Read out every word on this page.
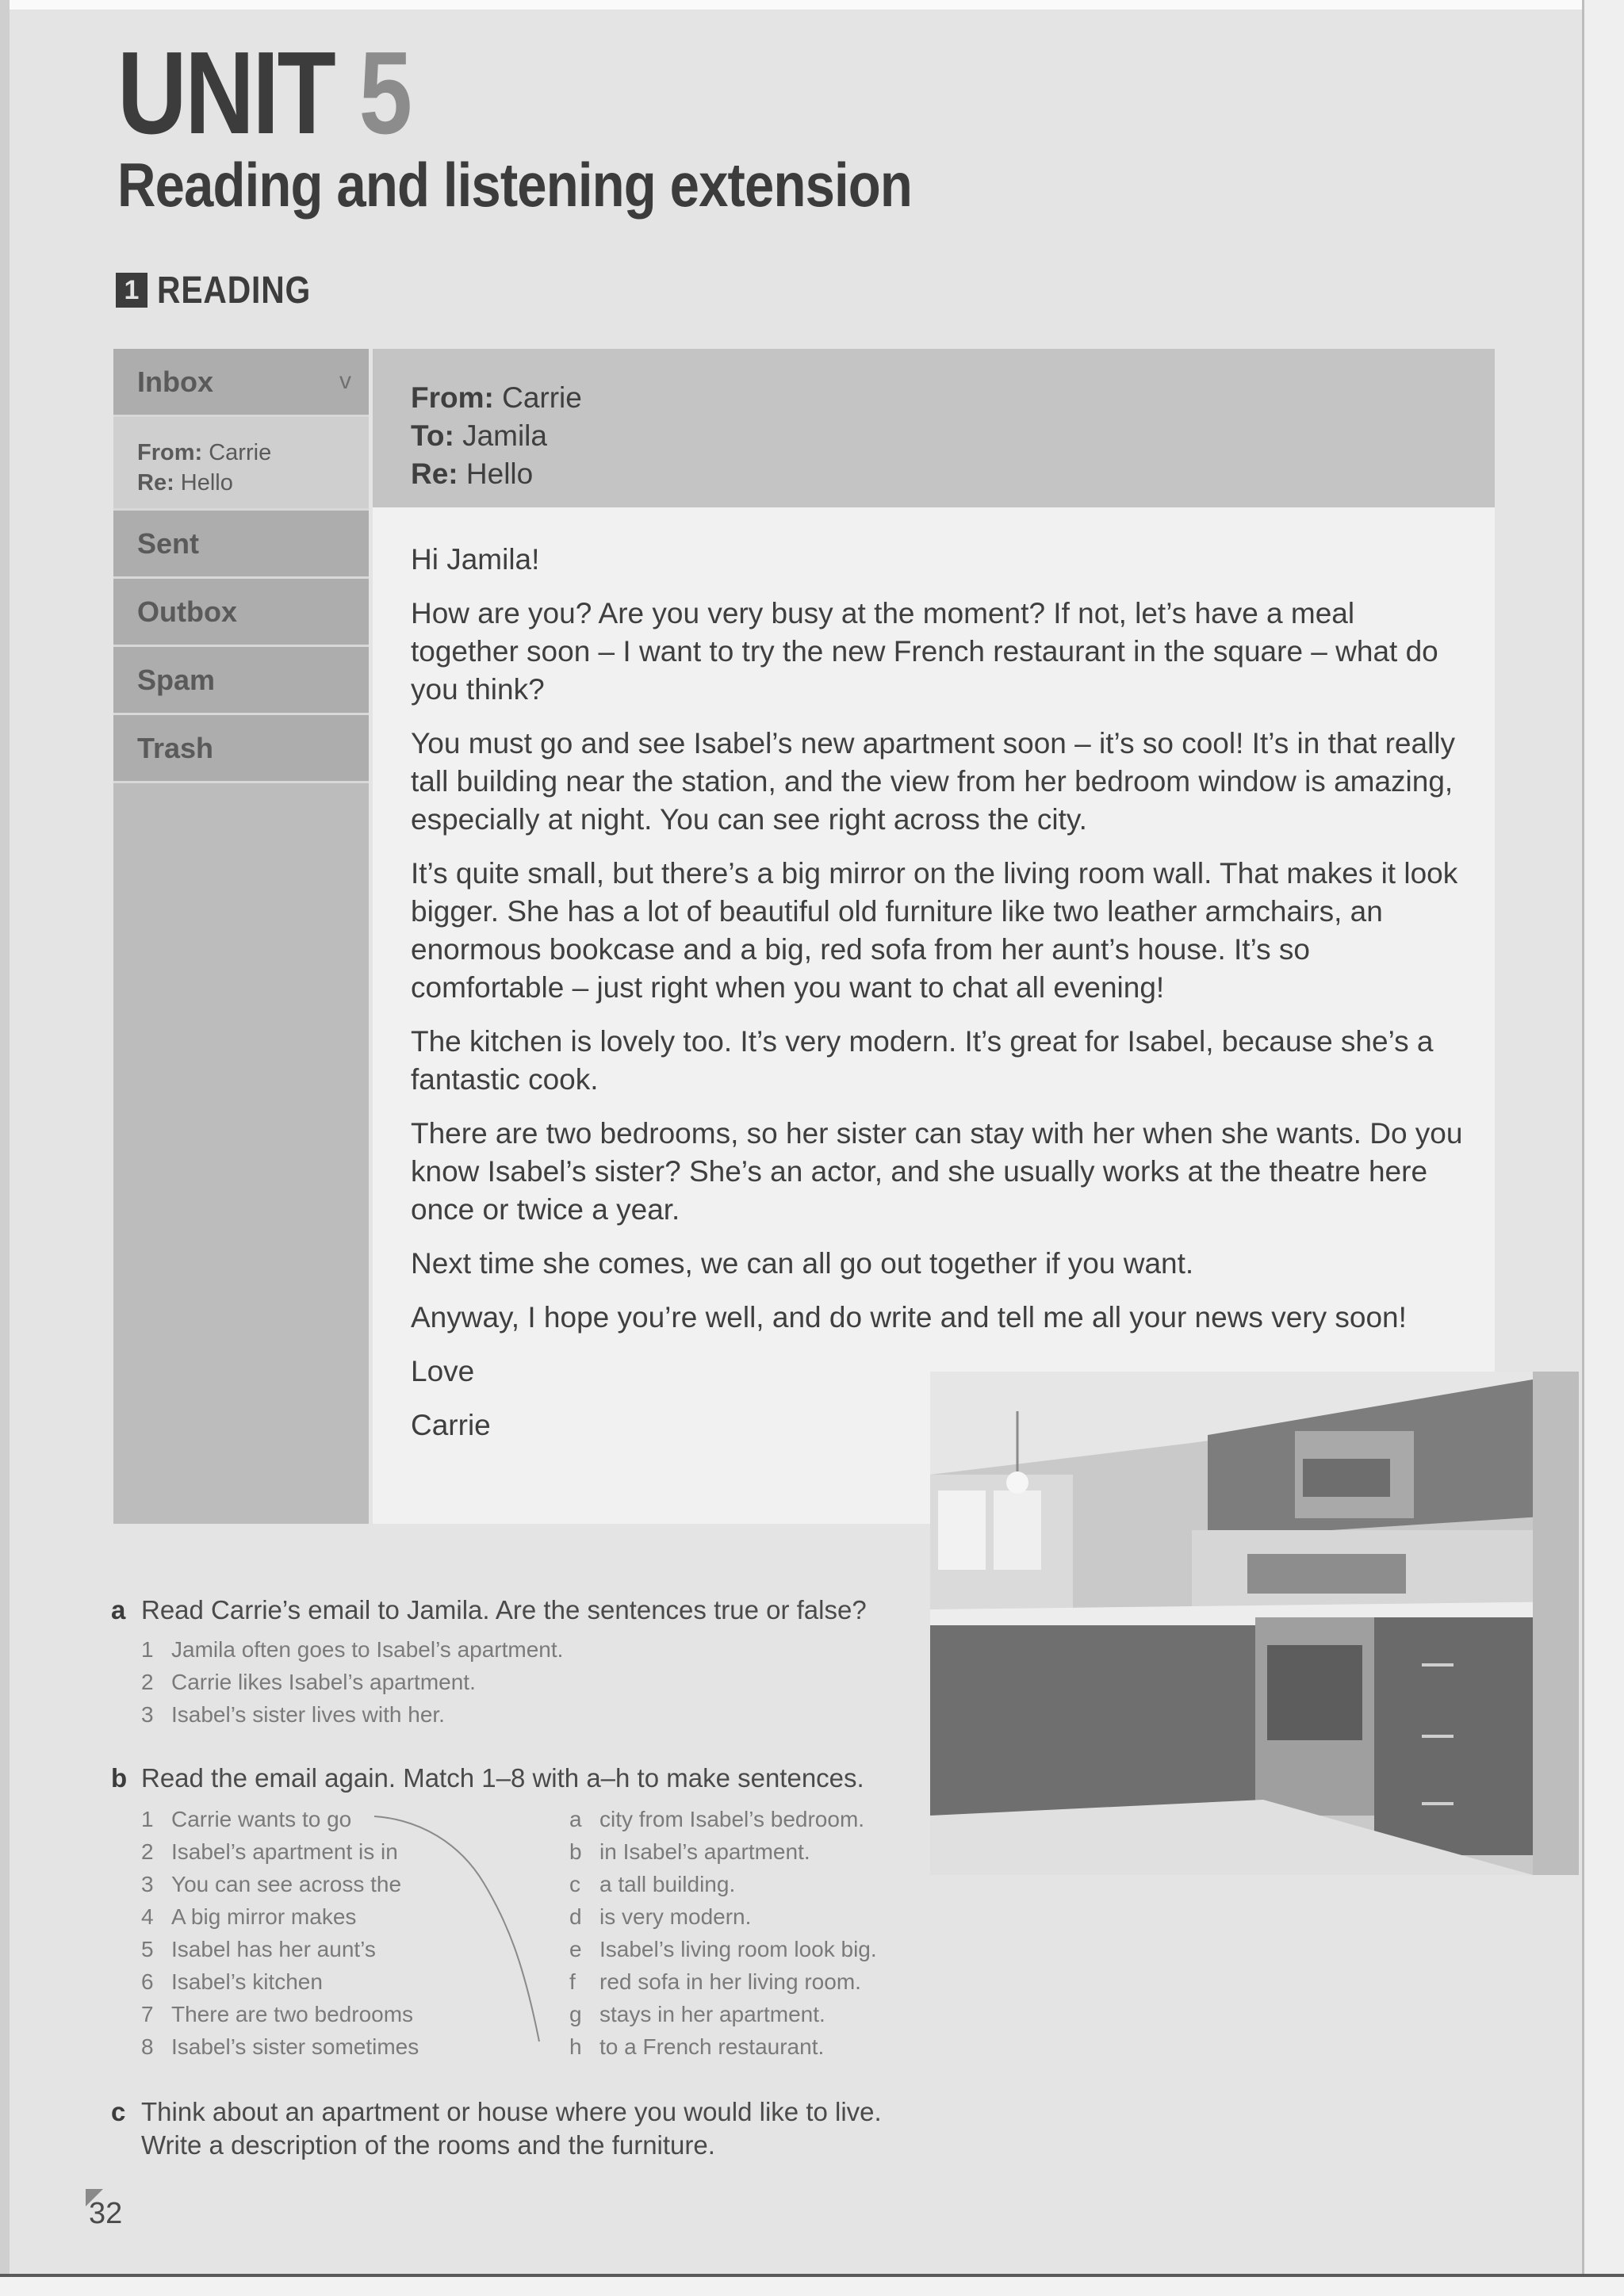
UNIT 5
Reading and listening extension
1 READING
Inbox	v
From: Carrie
Re: Hello
Sent
Outbox
Spam
Trash
From: Carrie
To: Jamila
Re: Hello

Hi Jamila!

How are you? Are you very busy at the moment? If not, let’s have a meal together soon – I want to try the new French restaurant in the square – what do you think?

You must go and see Isabel’s new apartment soon – it’s so cool! It’s in that really tall building near the station, and the view from her bedroom window is amazing, especially at night. You can see right across the city.

It’s quite small, but there’s a big mirror on the living room wall. That makes it look bigger. She has a lot of beautiful old furniture like two leather armchairs, an enormous bookcase and a big, red sofa from her aunt’s house. It’s so comfortable – just right when you want to chat all evening!

The kitchen is lovely too. It’s very modern. It’s great for Isabel, because she’s a fantastic cook.

There are two bedrooms, so her sister can stay with her when she wants. Do you know Isabel’s sister? She’s an actor, and she usually works at the theatre here once or twice a year.

Next time she comes, we can all go out together if you want.

Anyway, I hope you’re well, and do write and tell me all your news very soon!

Love

Carrie

a Read Carrie’s email to Jamila. Are the sentences true or false?
1 Jamila often goes to Isabel’s apartment.
2 Carrie likes Isabel’s apartment.
3 Isabel’s sister lives with her.
b Read the email again. Match 1–8 with a–h to make sentences.
1 Carrie wants to go
2 Isabel’s apartment is in
3 You can see across the
4 A big mirror makes
5 Isabel has her aunt’s
6 Isabel’s kitchen
7 There are two bedrooms
8 Isabel’s sister sometimes
a city from Isabel’s bedroom.
b in Isabel’s apartment.
c a tall building.
d is very modern.
e Isabel’s living room look big.
f red sofa in her living room.
g stays in her apartment.
h to a French restaurant.
c Think about an apartment or house where you would like to live.
Write a description of the rooms and the furniture.
32
